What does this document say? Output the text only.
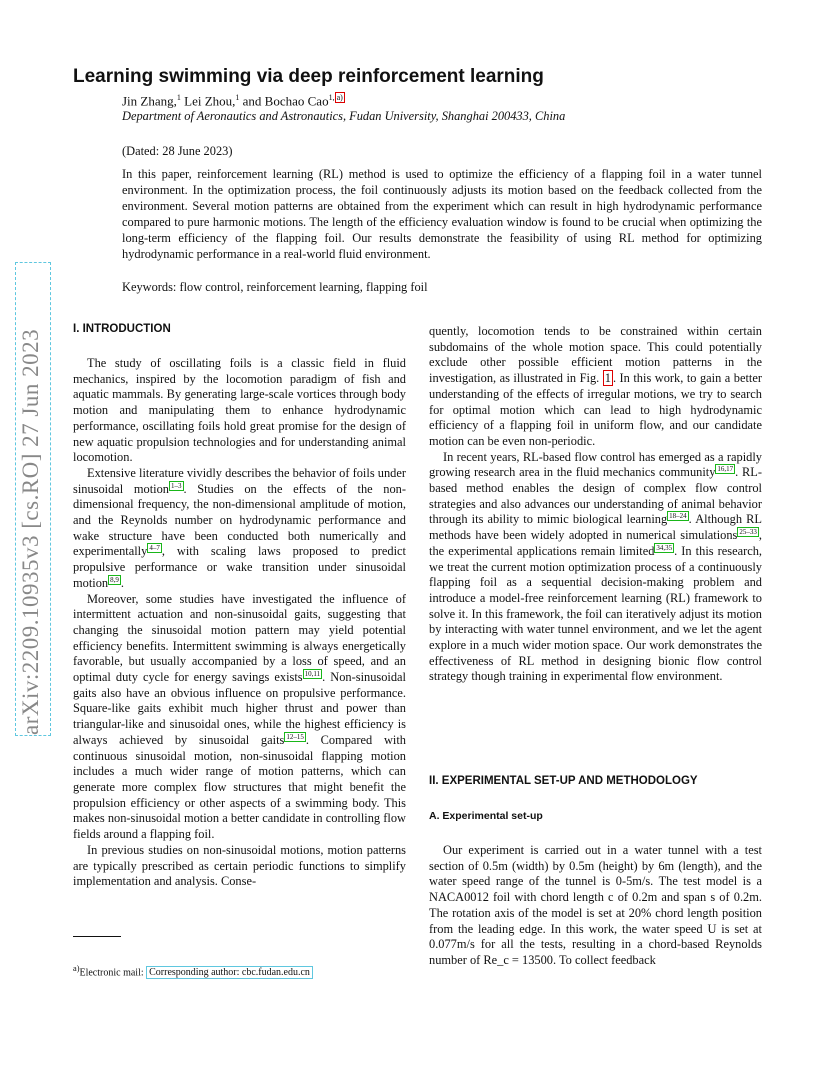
arXiv:2209.10935v3 [cs.RO] 27 Jun 2023
Learning swimming via deep reinforcement learning
Jin Zhang,$^1$ Lei Zhou,$^1$ and Bochao Cao$^{1, a)}$
Department of Aeronautics and Astronautics, Fudan University, Shanghai 200433, China
(Dated: 28 June 2023)
In this paper, reinforcement learning (RL) method is used to optimize the efficiency of a flapping foil in a water tunnel environment. In the optimization process, the foil continuously adjusts its motion based on the feedback collected from the environment. Several motion patterns are obtained from the experiment which can result in high hydrodynamic performance compared to pure harmonic motions. The length of the efficiency evaluation window is found to be crucial when optimizing the long-term efficiency of the flapping foil. Our results demonstrate the feasibility of using RL method for optimizing hydrodynamic performance in a real-world fluid environment.
Keywords: flow control, reinforcement learning, flapping foil
I. INTRODUCTION

The study of oscillating foils is a classic field in fluid mechanics, inspired by the locomotion paradigm of fish and aquatic mammals. By generating large-scale vortices through body motion and manipulating them to enhance hydrodynamic performance, oscillating foils hold great promise for the design of new aquatic propulsion technologies and for understanding animal locomotion.

Extensive literature vividly describes the behavior of foils under sinusoidal motion $^{1-3}$ . Studies on the effects of the non-dimensional frequency, the non-dimensional amplitude of motion, and the Reynolds number on hydrodynamic performance and wake structure have been conducted both numerically and experimentally $^{4-7}$ , with scaling laws proposed to predict propulsive performance or wake transition under sinusoidal motion $^{8,9}$ .

Moreover, some studies have investigated the influence of intermittent actuation and non-sinusoidal gaits, suggesting that changing the sinusoidal motion pattern may yield potential efficiency benefits. Intermittent swimming is always energetically favorable, but usually accompanied by a loss of speed, and an optimal duty cycle for energy savings exists $^{10,11}$ . Non-sinusoidal gaits also have an obvious influence on propulsive performance. Square-like gaits exhibit much higher thrust and power than triangular-like and sinusoidal ones, while the highest efficiency is always achieved by sinusoidal gaits $^{12-15}$ . Compared with continuous sinusoidal motion, non-sinusoidal flapping motion includes a much wider range of motion patterns, which can generate more complex flow structures that might benefit the propulsion efficiency or other aspects of a swimming body. This makes non-sinusoidal motion a better candidate in controlling flow fields around a flapping foil.

In previous studies on non-sinusoidal motions, motion patterns are typically prescribed as certain periodic functions to simplify implementation and analysis. Conse-

quently, locomotion tends to be constrained within certain subdomains of the whole motion space. This could potentially exclude other possible efficient motion patterns in the investigation, as illustrated in Fig. 1 . In this work, to gain a better understanding of the effects of irregular motions, we try to search for optimal motion which can lead to high hydrodynamic efficiency of a flapping foil in uniform flow, and our candidate motion can be even non-periodic.

In recent years, RL-based flow control has emerged as a rapidly growing research area in the fluid mechanics community $^{16,17}$ . RL-based method enables the design of complex flow control strategies and also advances our understanding of animal behavior through its ability to mimic biological learning $^{18-24}$ . Although RL methods have been widely adopted in numerical simulations $^{25-33}$ , the experimental applications remain limited $^{34,35}$ . In this research, we treat the current motion optimization process of a continuously flapping foil as a sequential decision-making problem and introduce a model-free reinforcement learning (RL) framework to solve it. In this framework, the foil can iteratively adjust its motion by interacting with water tunnel environment, and we let the agent explore in a much wider motion space. Our work demonstrates the effectiveness of RL method in designing bionic flow control strategy though training in experimental flow environment.

II. EXPERIMENTAL SET-UP AND METHODOLOGY
A. Experimental set-up

Our experiment is carried out in a water tunnel with a test section of 0.5m (width) by 0.5m (height) by 6m (length), and the water speed range of the tunnel is 0-5m/s. The test model is a NACA0012 foil with chord length c of 0.2m and span s of 0.2m. The rotation axis of the model is set at 20% chord length position from the leading edge. In this work, the water speed U is set at 0.077m/s for all the tests, resulting in a chord-based Reynolds number of Re_c = 13500. To collect feedback

$^{a)}$Electronic mail: Corresponding author: cbc.fudan.edu.cn
